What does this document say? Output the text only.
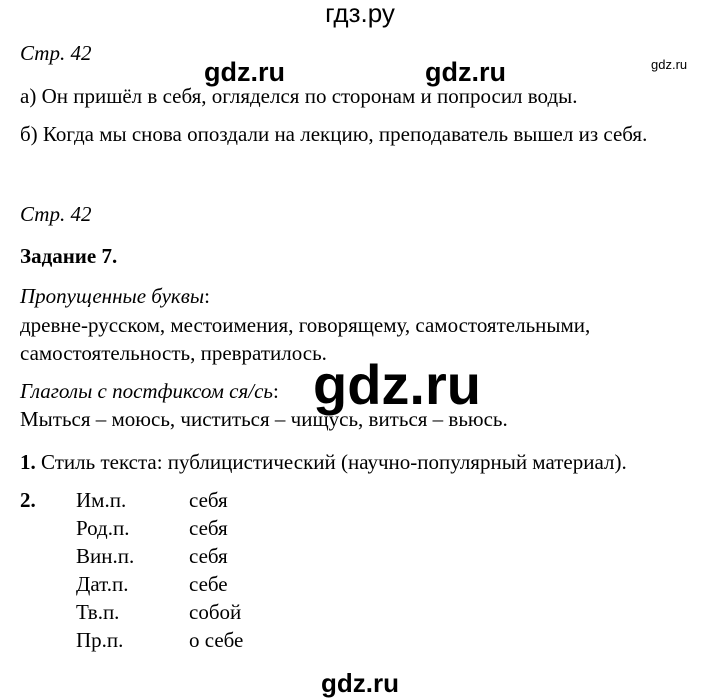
гдз.ру
gdz.ru	gdz.ru	gdz.ru
Стр. 42
а) Он пришёл в себя, огляделся по сторонам и попросил воды.
б) Когда мы снова опоздали на лекцию, преподаватель вышел из себя.
Стр. 42
Задание 7.
Пропущенные буквы:
древне-русском, местоимения, говорящему, самостоятельными,
самостоятельность, превратилось.
Глаголы с постфиксом ся/сь:
Мыться – моюсь, чиститься – чищусь, виться – вьюсь.
gdz.ru
1. Стиль текста: публицистический (научно-популярный материал).
2. Им.п.	себя
Род.п.	себя
Вин.п.	себя
Дат.п.	себе
Тв.п.	собой
Пр.п.	о себе
gdz.ru
